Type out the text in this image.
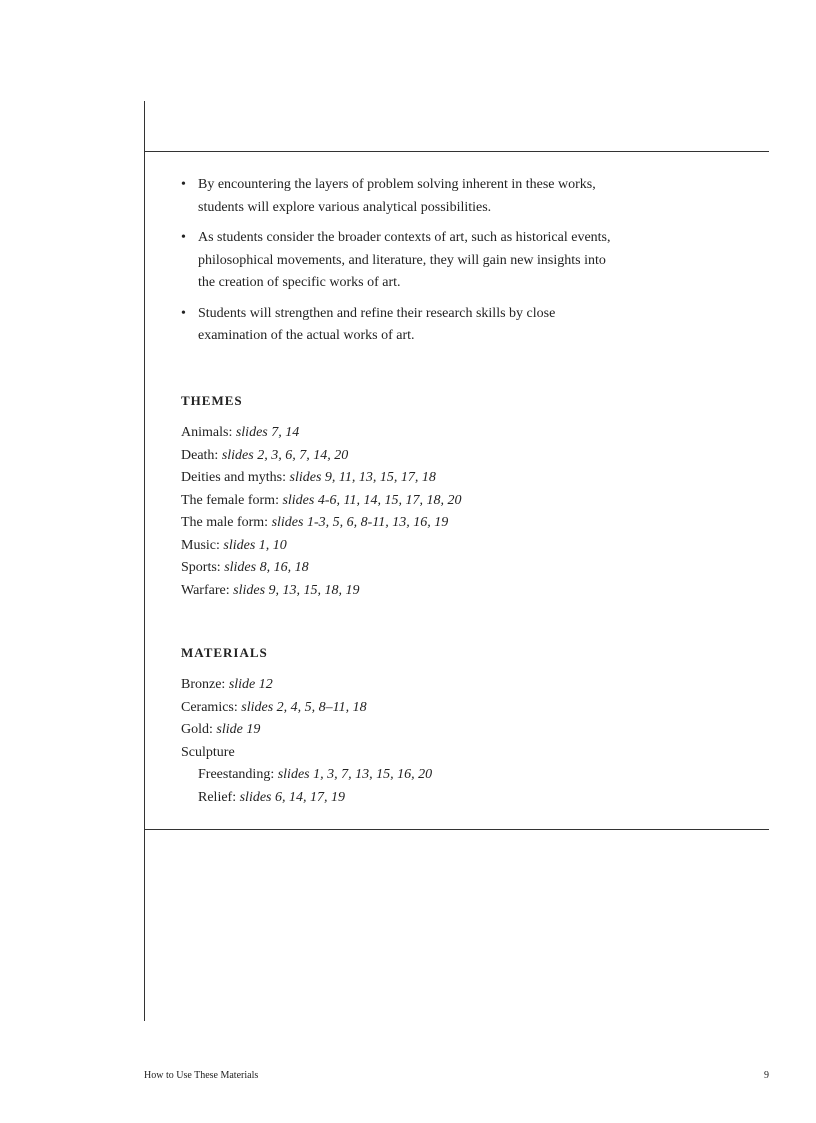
• By encountering the layers of problem solving inherent in these works, students will explore various analytical possibilities.
• As students consider the broader contexts of art, such as historical events, philosophical movements, and literature, they will gain new insights into the creation of specific works of art.
• Students will strengthen and refine their research skills by close examination of the actual works of art.
THEMES
Animals: slides 7, 14
Death: slides 2, 3, 6, 7, 14, 20
Deities and myths: slides 9, 11, 13, 15, 17, 18
The female form: slides 4-6, 11, 14, 15, 17, 18, 20
The male form: slides 1-3, 5, 6, 8-11, 13, 16, 19
Music: slides 1, 10
Sports: slides 8, 16, 18
Warfare: slides 9, 13, 15, 18, 19
MATERIALS
Bronze: slide 12
Ceramics: slides 2, 4, 5, 8–11, 18
Gold: slide 19
Sculpture
Freestanding: slides 1, 3, 7, 13, 15, 16, 20
Relief: slides 6, 14, 17, 19
How to Use These Materials	9
